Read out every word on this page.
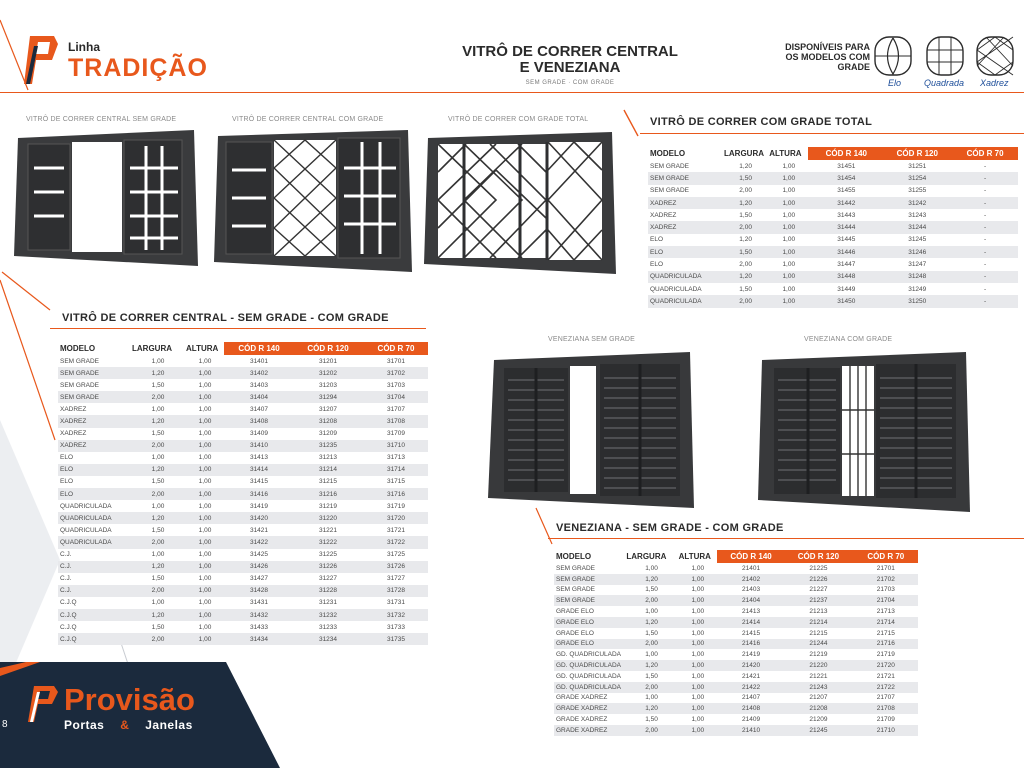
Linha
TRADIÇÃO
VITRÔ DE CORRER CENTRAL
E VENEZIANA
SEM GRADE · COM GRADE
DISPONÍVEIS PARA
OS MODELOS COM
GRADE
Elo	Quadrada Xadrez
VITRÔ DE CORRER CENTRAL SEM GRADE	VITRÔ DE CORRER CENTRAL COM GRADE	VITRÔ DE CORRER COM GRADE TOTAL	VITRÔ DE CORRER COM GRADE TOTAL
MODELO	LARGURA	ALTURA	CÓD R 140	CÓD R 120	CÓD R 70
SEM GRADE	1,20	1,00	31451	31251	-
SEM GRADE	1,50	1,00	31454	31254	-
SEM GRADE	2,00	1,00	31455	31255	-
XADREZ	1,20	1,00	31442	31242	-
XADREZ	1,50	1,00	31443	31243	-
XADREZ	2,00	1,00	31444	31244	-
ELO	1,20	1,00	31445	31245	-
ELO	1,50	1,00	31446	31246	-
ELO	2,00	1,00	31447	31247	-
QUADRICULADA	1,20	1,00	31448	31248	-
QUADRICULADA	1,50	1,00	31449	31249	-
QUADRICULADA	2,00	1,00	31450	31250	-
VITRÔ DE CORRER CENTRAL - SEM GRADE - COM GRADE
MODELO	LARGURA	ALTURA	CÓD R 140	CÓD R 120	CÓD R 70
SEM GRADE	1,00	1,00	31401	31201	31701
SEM GRADE	1,20	1,00	31402	31202	31702
SEM GRADE	1,50	1,00	31403	31203	31703
SEM GRADE	2,00	1,00	31404	31294	31704
XADREZ	1,00	1,00	31407	31207	31707
XADREZ	1,20	1,00	31408	31208	31708
XADREZ	1,50	1,00	31409	31209	31709
XADREZ	2,00	1,00	31410	31235	31710
ELO	1,00	1,00	31413	31213	31713
ELO	1,20	1,00	31414	31214	31714
ELO	1,50	1,00	31415	31215	31715
ELO	2,00	1,00	31416	31216	31716
QUADRICULADA	1,00	1,00	31419	31219	31719
QUADRICULADA	1,20	1,00	31420	31220	31720
QUADRICULADA	1,50	1,00	31421	31221	31721
QUADRICULADA	2,00	1,00	31422	31222	31722
C.J.	1,00	1,00	31425	31225	31725
C.J.	1,20	1,00	31426	31226	31726
C.J.	1,50	1,00	31427	31227	31727
C.J.	2,00	1,00	31428	31228	31728
C.J.Q	1,00	1,00	31431	31231	31731
C.J.Q	1,20	1,00	31432	31232	31732
C.J.Q	1,50	1,00	31433	31233	31733
C.J.Q	2,00	1,00	31434	31234	31735
VENEZIANA SEM GRADE	VENEZIANA COM GRADE
VENEZIANA - SEM GRADE - COM GRADE
MODELO	LARGURA	ALTURA	CÓD R 140	CÓD R 120	CÓD R 70
SEM GRADE	1,00	1,00	21401	21225	21701
SEM GRADE	1,20	1,00	21402	21226	21702
SEM GRADE	1,50	1,00	21403	21227	21703
SEM GRADE	2,00	1,00	21404	21237	21704
GRADE ELO	1,00	1,00	21413	21213	21713
GRADE ELO	1,20	1,00	21414	21214	21714
GRADE ELO	1,50	1,00	21415	21215	21715
GRADE ELO	2,00	1,00	21416	21244	21716
GD. QUADRICULADA	1,00	1,00	21419	21219	21719
GD. QUADRICULADA	1,20	1,00	21420	21220	21720
GD. QUADRICULADA	1,50	1,00	21421	21221	21721
GD. QUADRICULADA	2,00	1,00	21422	21243	21722
GRADE XADREZ	1,00	1,00	21407	21207	21707
GRADE XADREZ	1,20	1,00	21408	21208	21708
GRADE XADREZ	1,50	1,00	21409	21209	21709
GRADE XADREZ	2,00	1,00	21410	21245	21710
Provisão
Portas & Janelas
8
